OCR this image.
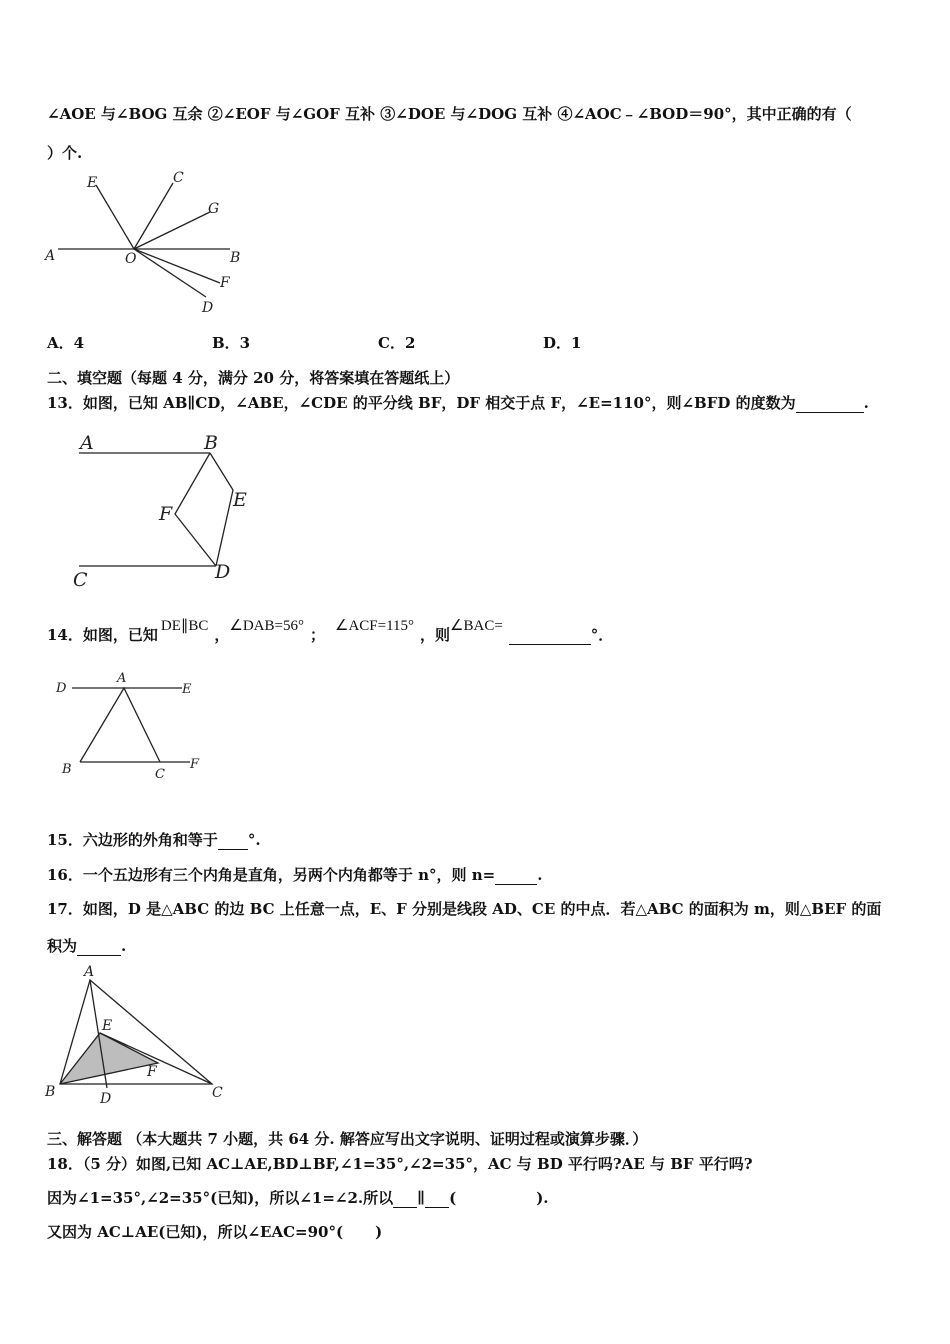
∠AOE 与∠BOG 互余 ②∠EOF 与∠GOF 互补 ③∠DOE 与∠DOG 互补 ④∠AOC﹣∠BOD＝90°，其中正确的有（
）个.
A	O	B
E	C
G
F
D
A．4	B．3	C．2	D．1
二、填空题（每题 4 分，满分 20 分，将答案填在答题纸上）
13．如图，已知 AB∥CD，∠ABE，∠CDE 的平分线 BF，DF 相交于点 F，∠E=110°，则∠BFD 的度数为	.
A	B
E
F
C	D
14．如图，已知 DE∥BC ，∠DAB=56° ； ∠ACF=115° ，则∠BAC=	°．
D
A
E
B	C
F
15．六边形的外角和等于 °.
16．一个五边形有三个内角是直角，另两个内角都等于 n°，则 n=	.
17．如图，D 是△ABC 的边 BC 上任意一点，E、F 分别是线段 AD、CE 的中点．若△ABC 的面积为 m，则△BEF 的面
积为	.
A
E
F
B	D	C
三、解答题 （本大题共 7 小题，共 64 分. 解答应写出文字说明、证明过程或演算步骤．）
18．（5 分）如图,已知 AC⊥AE,BD⊥BF,∠1=35°,∠2=35°，AC 与 BD 平行吗?AE 与 BF 平行吗?
因为∠1=35°,∠2=35°(已知)，所以∠1=∠2.所以 ∥ (	).
又因为 AC⊥AE(已知)，所以∠EAC=90°( )
